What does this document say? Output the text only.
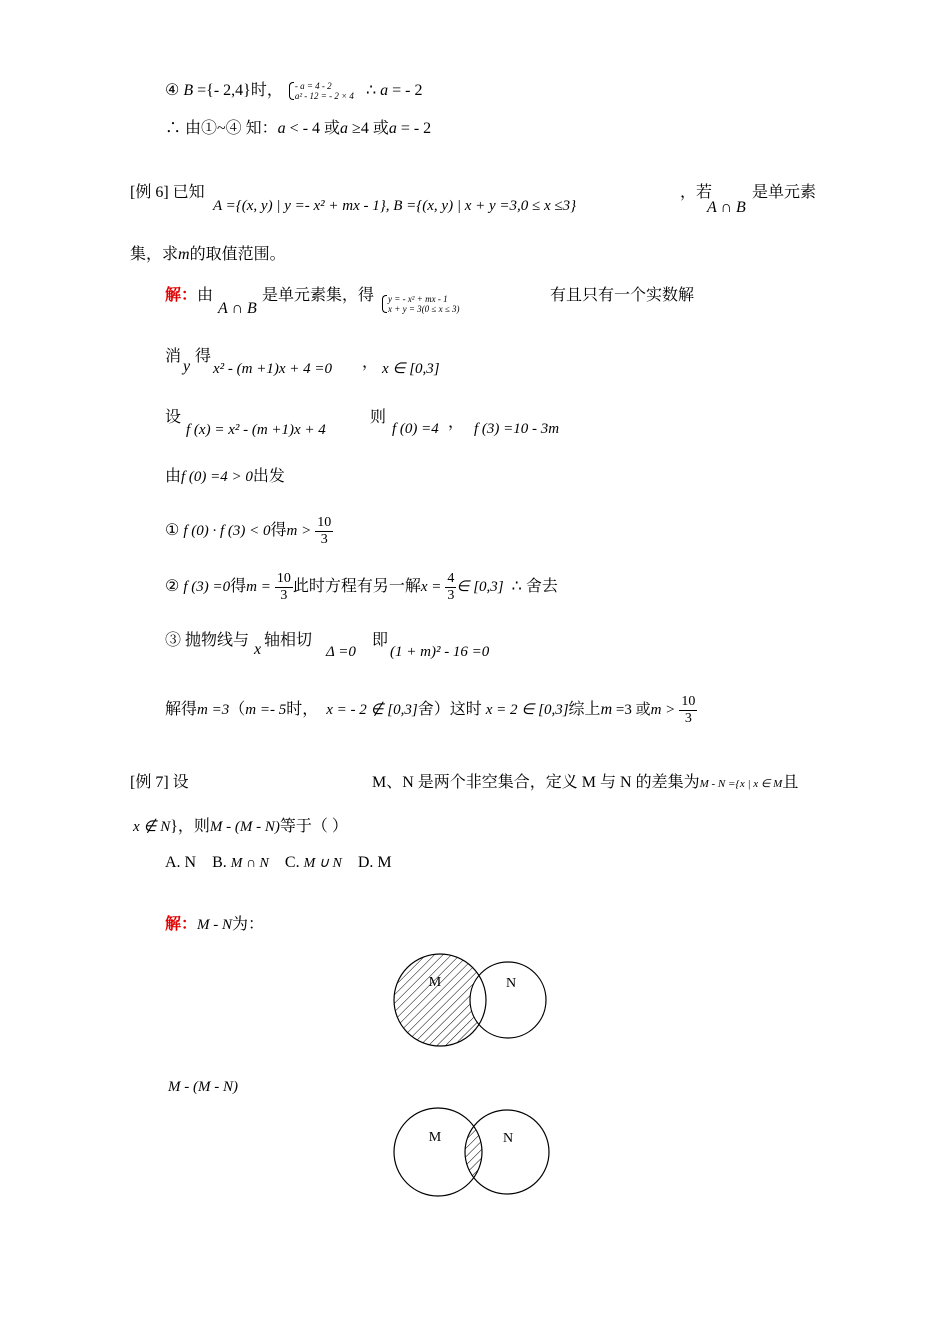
④ B ={- 2,4}时， - a = 4 - 2
a² - 12 = - 2 × 4 ∴ a = - 2
∴ 由①~④ 知：a < - 4 或a ≥4 或a = - 2
[例 6] 已知
A ={(x, y) | y =- x² + mx - 1}, B ={(x, y) | x + y =3,0 ≤ x ≤3}
，若
A ∩ B
是单元素
集，求m的取值范围。
解：由
A ∩ B
是单元素集，得 y = - x² + mx - 1
x + y = 3(0 ≤ x ≤ 3)
有且只有一个实数解
消
y
得
x² - (m +1)x + 4 =0 ， x ∈ [0,3]
设
f (x) = x² - (m +1)x + 4
则
f (0) =4 ， f (3) =10 - 3m
由f (0) =4 > 0出发
① f (0) · f (3) < 0得$m > \frac{10}{3}$
② f (3) =0得$m = \frac{10}{3}$ 此时方程有另一解$x = \frac{4}{3}$ ∈ [0,3] ∴ 舍去
③ 抛物线与
x
轴相切
Δ =0
即
(1 + m)² - 16 =0
解得m =3（m =- 5时， x = - 2 ∉ [0,3]舍）这时 x = 2 ∈ [0,3]综上m =3 或$m > \frac{10}{3}$
[例 7] 设	M、N 是两个非空集合，定义 M 与 N 的差集为M - N ={x | x ∈ M且
x ∉ N}，则M - (M - N)等于（ ）
A. N B. M ∩ N C. M ∪ N D. M
解：M - N为：
M	N
M - (M - N)
M	N
